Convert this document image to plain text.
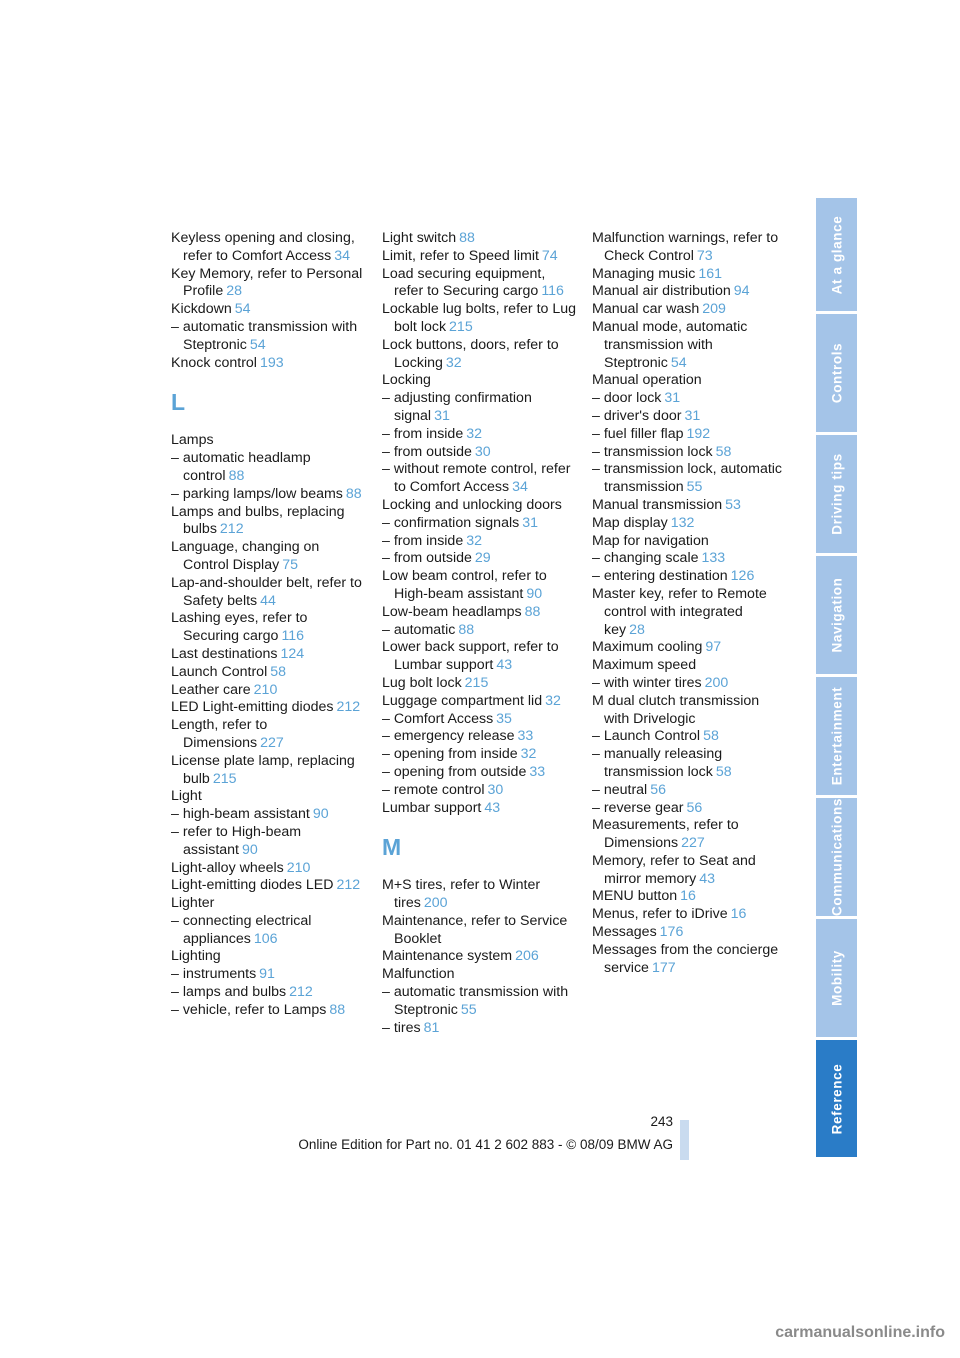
Keyless opening and closing, refer to Comfort Access 34

Key Memory, refer to Personal Profile 28

Kickdown 54

– automatic transmission with Steptronic 54

Knock control 193

L

Lamps

– automatic headlamp control 88

– parking lamps/low beams 88

Lamps and bulbs, replacing bulbs 212

Language, changing on Control Display 75

Lap-and-shoulder belt, refer to Safety belts 44

Lashing eyes, refer to Securing cargo 116

Last destinations 124

Launch Control 58

Leather care 210

LED Light-emitting diodes 212

Length, refer to Dimensions 227

License plate lamp, replacing bulb 215

Light

– high-beam assistant 90

– refer to High-beam assistant 90

Light-alloy wheels 210

Light-emitting diodes LED 212

Lighter

– connecting electrical appliances 106

Lighting

– instruments 91

– lamps and bulbs 212

– vehicle, refer to Lamps 88

Light switch 88

Limit, refer to Speed limit 74

Load securing equipment, refer to Securing cargo 116

Lockable lug bolts, refer to Lug bolt lock 215

Lock buttons, doors, refer to Locking 32

Locking

– adjusting confirmation signal 31

– from inside 32

– from outside 30

– without remote control, refer to Comfort Access 34

Locking and unlocking doors

– confirmation signals 31

– from inside 32

– from outside 29

Low beam control, refer to High-beam assistant 90

Low-beam headlamps 88

– automatic 88

Lower back support, refer to Lumbar support 43

Lug bolt lock 215

Luggage compartment lid 32

– Comfort Access 35

– emergency release 33

– opening from inside 32

– opening from outside 33

– remote control 30

Lumbar support 43

M

M+S tires, refer to Winter tires 200

Maintenance, refer to Service Booklet

Maintenance system 206

Malfunction

– automatic transmission with Steptronic 55

– tires 81

Malfunction warnings, refer to Check Control 73

Managing music 161

Manual air distribution 94

Manual car wash 209

Manual mode, automatic transmission with Steptronic 54

Manual operation

– door lock 31

– driver's door 31

– fuel filler flap 192

– transmission lock 58

– transmission lock, automatic transmission 55

Manual transmission 53

Map display 132

Map for navigation

– changing scale 133

– entering destination 126

Master key, refer to Remote control with integrated key 28

Maximum cooling 97

Maximum speed

– with winter tires 200

M dual clutch transmission with Drivelogic

– Launch Control 58

– manually releasing transmission lock 58

– neutral 56

– reverse gear 56

Measurements, refer to Dimensions 227

Memory, refer to Seat and mirror memory 43

MENU button 16

Menus, refer to iDrive 16

Messages 176

Messages from the concierge service 177

At a glance
Controls
Driving tips
Navigation
Entertainment
Communications
Mobility
Reference
243
Online Edition for Part no. 01 41 2 602 883 - © 08/09 BMW AG
carmanualsonline.info
